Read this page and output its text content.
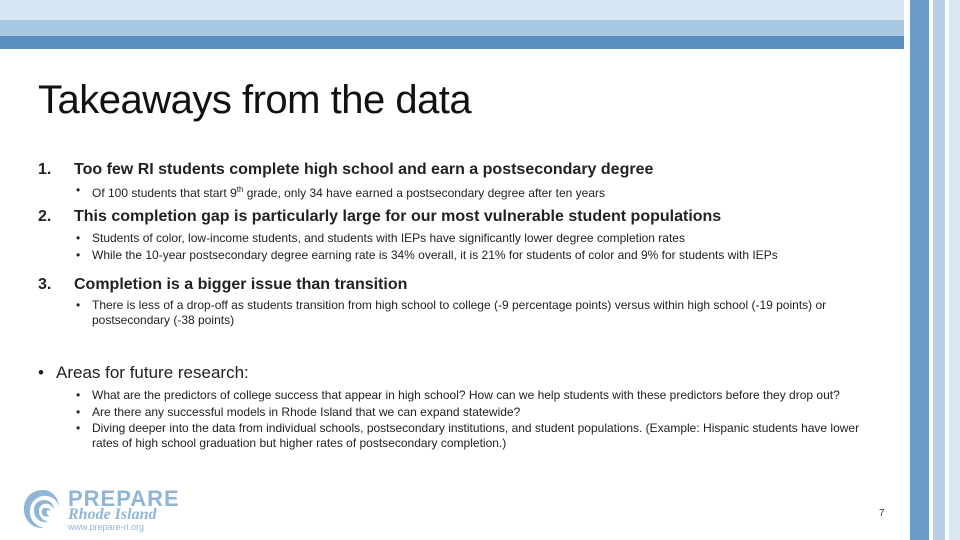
Takeaways from the data
1. Too few RI students complete high school and earn a postsecondary degree
• Of 100 students that start 9th grade, only 34 have earned a postsecondary degree after ten years
2. This completion gap is particularly large for our most vulnerable student populations
• Students of color, low-income students, and students with IEPs have significantly lower degree completion rates
• While the 10-year postsecondary degree earning rate is 34% overall, it is 21% for students of color and 9% for students with IEPs
3. Completion is a bigger issue than transition
• There is less of a drop-off as students transition from high school to college (-9 percentage points) versus within high school (-19 points) or postsecondary (-38 points)
• Areas for future research:
• What are the predictors of college success that appear in high school? How can we help students with these predictors before they drop out?
• Are there any successful models in Rhode Island that we can expand statewide?
• Diving deeper into the data from individual schools, postsecondary institutions, and student populations. (Example: Hispanic students have lower rates of high school graduation but higher rates of postsecondary completion.)
PREPARE
Rhode Island
www.prepare-ri.org
7
